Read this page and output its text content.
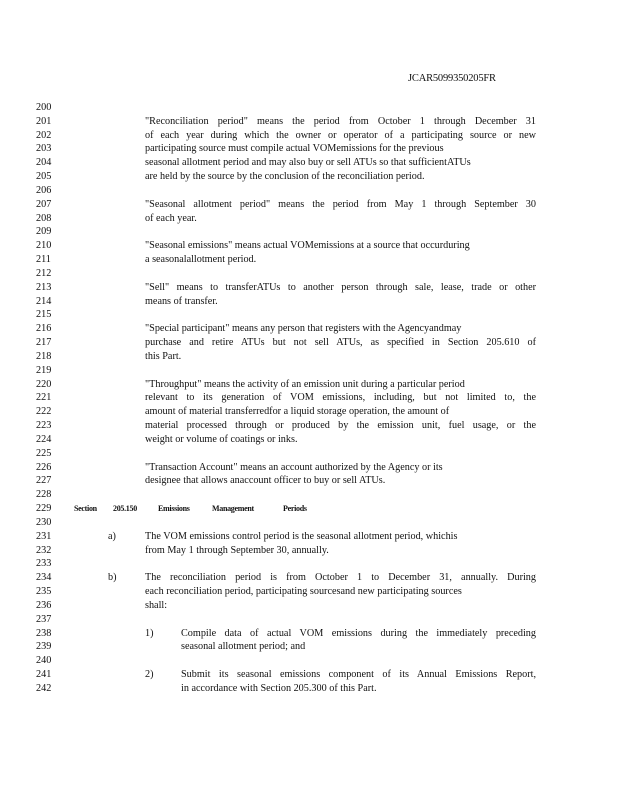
JCAR5099350205FR
200
201	"Reconciliation period" means the period from October 1 through December 31
202	of each year during which the owner or operator of a participating source or new
203	participating source must compile actual VOMemissions for the previous
204	seasonal allotment period and may also buy or sell ATUs so that sufficientATUs
205	are held by the source by the conclusion of the reconciliation period.
206
207	"Seasonal allotment period" means the period from May 1 through September 30
208	of each year.
209
210	"Seasonal emissions" means actual VOMemissions at a source that occurduring
211	a seasonalallotment period.
212
213	"Sell" means to transferATUs to another person through sale, lease, trade or other
214	means of transfer.
215
216	"Special participant" means any person that registers with the Agencyandmay
217	purchase and retire ATUs but not sell ATUs, as specified in Section 205.610 of
218	this Part.
219
220	"Throughput" means the activity of an emission unit during a particular period
221	relevant to its generation of VOM emissions, including, but not limited to, the
222	amount of material transferredfor a liquid storage operation, the amount of
223	material processed through or produced by the emission unit, fuel usage, or the
224	weight or volume of coatings or inks.
225
226	"Transaction Account" means an account authorized by the Agency or its
227	designee that allows anaccount officer to buy or sell ATUs.
228
229	Section 205.150	Emissions	Management	Periods
230
231	a)	The VOM emissions control period is the seasonal allotment period, whichis
232	from May 1 through September 30, annually.
233
234	b)	The reconciliation period is from October 1 to December 31, annually. During
235	each reconciliation period, participating sourcesand new participating sources
236	shall:
237
238	1)	Compile data of actual VOM emissions during the immediately preceding
239	seasonal allotment period; and
240
241	2)	Submit its seasonal emissions component of its Annual Emissions Report,
242	in accordance with Section 205.300 of this Part.
